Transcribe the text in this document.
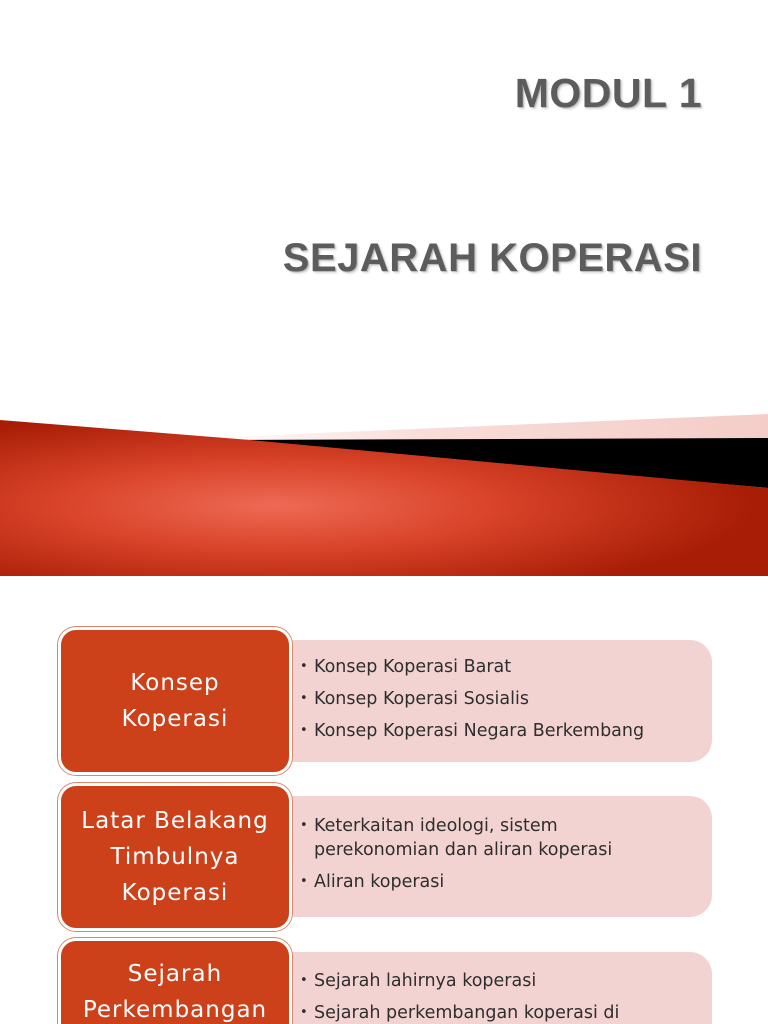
MODUL 1
SEJARAH KOPERASI
• Konsep Koperasi Barat
• Konsep Koperasi Sosialis
• Konsep Koperasi Negara Berkembang
Konsep
Koperasi
• Keterkaitan ideologi, sistem
perekonomian dan aliran koperasi
• Aliran koperasi
Latar Belakang
Timbulnya
Koperasi
• Sejarah lahirnya koperasi
• Sejarah perkembangan koperasi di
Sejarah
Perkembangan
